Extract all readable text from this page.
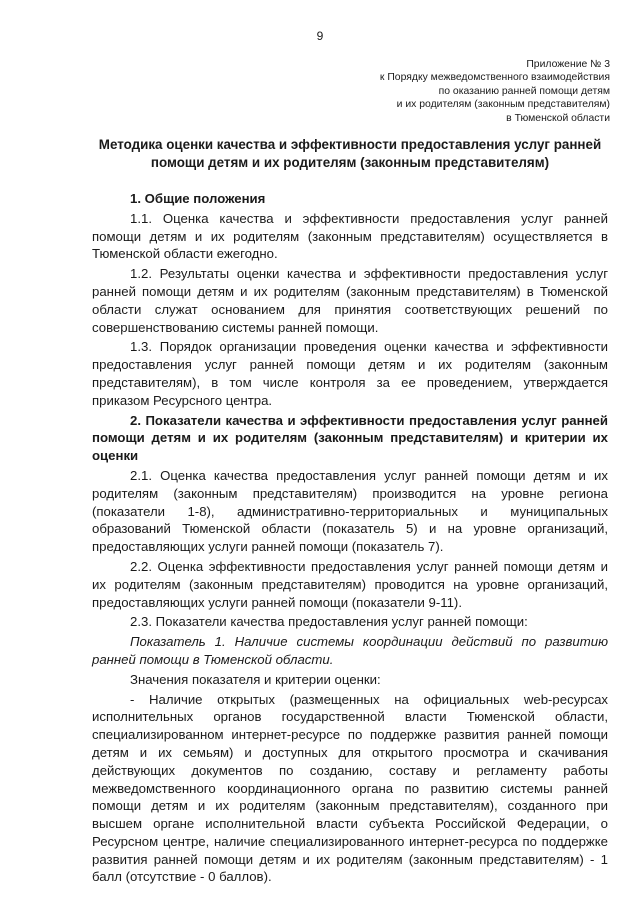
9
Приложение № 3
к Порядку межведомственного взаимодействия
по оказанию ранней помощи детям
и их родителям (законным представителям)
в Тюменской области
Методика оценки качества и эффективности предоставления услуг ранней помощи детям и их родителям (законным представителям)
1. Общие положения
1.1. Оценка качества и эффективности предоставления услуг ранней помощи детям и их родителям (законным представителям) осуществляется в Тюменской области ежегодно.
1.2. Результаты оценки качества и эффективности предоставления услуг ранней помощи детям и их родителям (законным представителям) в Тюменской области служат основанием для принятия соответствующих решений по совершенствованию системы ранней помощи.
1.3. Порядок организации проведения оценки качества и эффективности предоставления услуг ранней помощи детям и их родителям (законным представителям), в том числе контроля за ее проведением, утверждается приказом Ресурсного центра.
2. Показатели качества и эффективности предоставления услуг ранней помощи детям и их родителям (законным представителям) и критерии их оценки
2.1. Оценка качества предоставления услуг ранней помощи детям и их родителям (законным представителям) производится на уровне региона (показатели 1-8), административно-территориальных и муниципальных образований Тюменской области (показатель 5) и на уровне организаций, предоставляющих услуги ранней помощи (показатель 7).
2.2. Оценка эффективности предоставления услуг ранней помощи детям и их родителям (законным представителям) проводится на уровне организаций, предоставляющих услуги ранней помощи (показатели 9-11).
2.3. Показатели качества предоставления услуг ранней помощи:
Показатель 1. Наличие системы координации действий по развитию ранней помощи в Тюменской области.
Значения показателя и критерии оценки:
- Наличие открытых (размещенных на официальных web-ресурсах исполнительных органов государственной власти Тюменской области, специализированном интернет-ресурсе по поддержке развития ранней помощи детям и их семьям) и доступных для открытого просмотра и скачивания действующих документов по созданию, составу и регламенту работы межведомственного координационного органа по развитию системы ранней помощи детям и их родителям (законным представителям), созданного при высшем органе исполнительной власти субъекта Российской Федерации, о Ресурсном центре, наличие специализированного интернет-ресурса по поддержке развития ранней помощи детям и их родителям (законным представителям) - 1 балл (отсутствие - 0 баллов).
